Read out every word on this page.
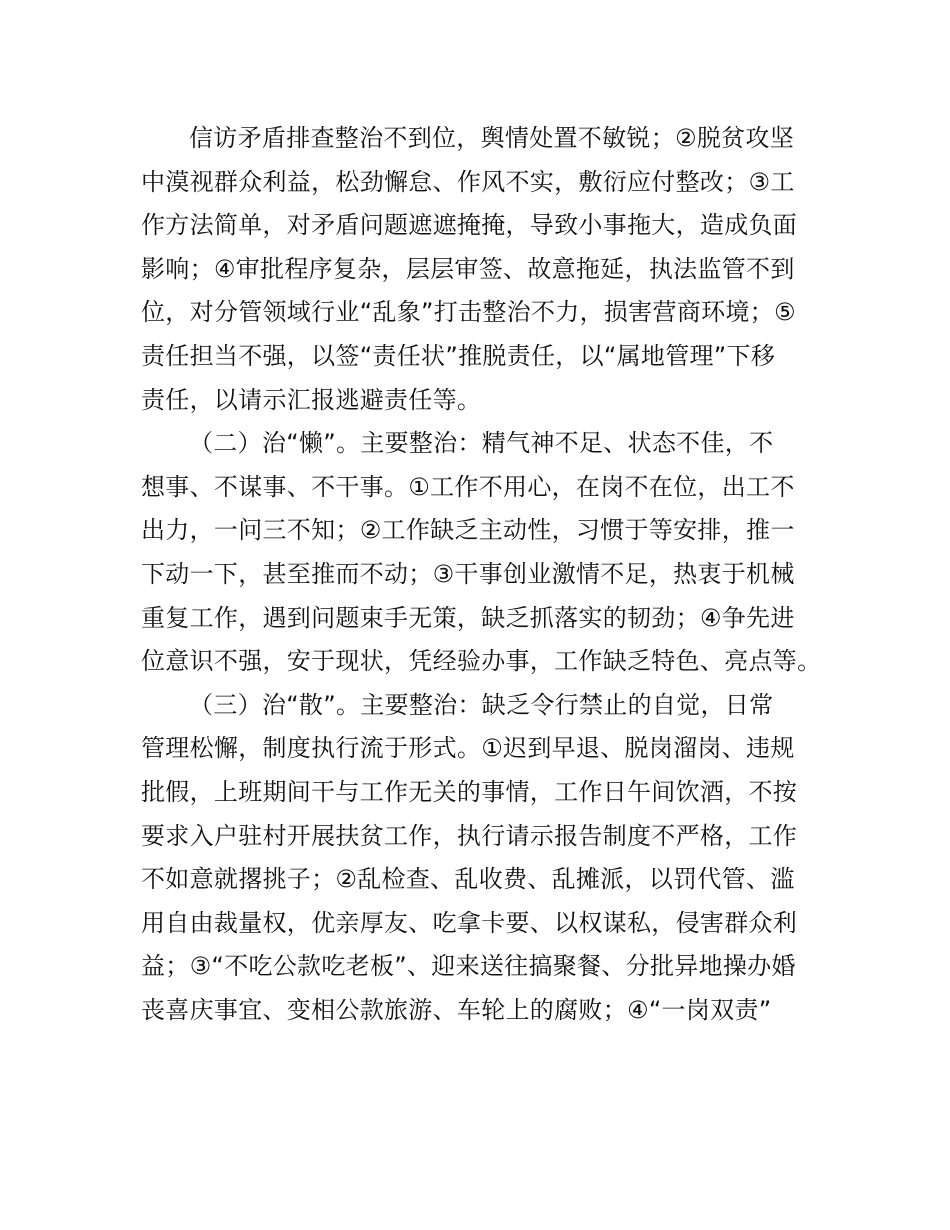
信访矛盾排查整治不到位，舆情处置不敏锐；②脱贫攻坚
中漠视群众利益，松劲懈怠、作风不实，敷衍应付整改；③工
作方法简单，对矛盾问题遮遮掩掩，导致小事拖大，造成负面
影响；④审批程序复杂，层层审签、故意拖延，执法监管不到
位，对分管领域行业“乱象”打击整治不力，损害营商环境；⑤
责任担当不强，以签“责任状”推脱责任，以“属地管理”下移
责任，以请示汇报逃避责任等。
（二）治“懒”。主要整治：精气神不足、状态不佳，不
想事、不谋事、不干事。①工作不用心，在岗不在位，出工不
出力，一问三不知；②工作缺乏主动性，习惯于等安排，推一
下动一下，甚至推而不动；③干事创业激情不足，热衷于机械
重复工作，遇到问题束手无策，缺乏抓落实的韧劲；④争先进
位意识不强，安于现状，凭经验办事，工作缺乏特色、亮点等。
（三）治“散”。主要整治：缺乏令行禁止的自觉，日常
管理松懈，制度执行流于形式。①迟到早退、脱岗溜岗、违规
批假，上班期间干与工作无关的事情，工作日午间饮酒，不按
要求入户驻村开展扶贫工作，执行请示报告制度不严格，工作
不如意就撂挑子；②乱检查、乱收费、乱摊派，以罚代管、滥
用自由裁量权，优亲厚友、吃拿卡要、以权谋私，侵害群众利
益；③“不吃公款吃老板”、迎来送往搞聚餐、分批异地操办婚
丧喜庆事宜、变相公款旅游、车轮上的腐败；④“一岗双责”
